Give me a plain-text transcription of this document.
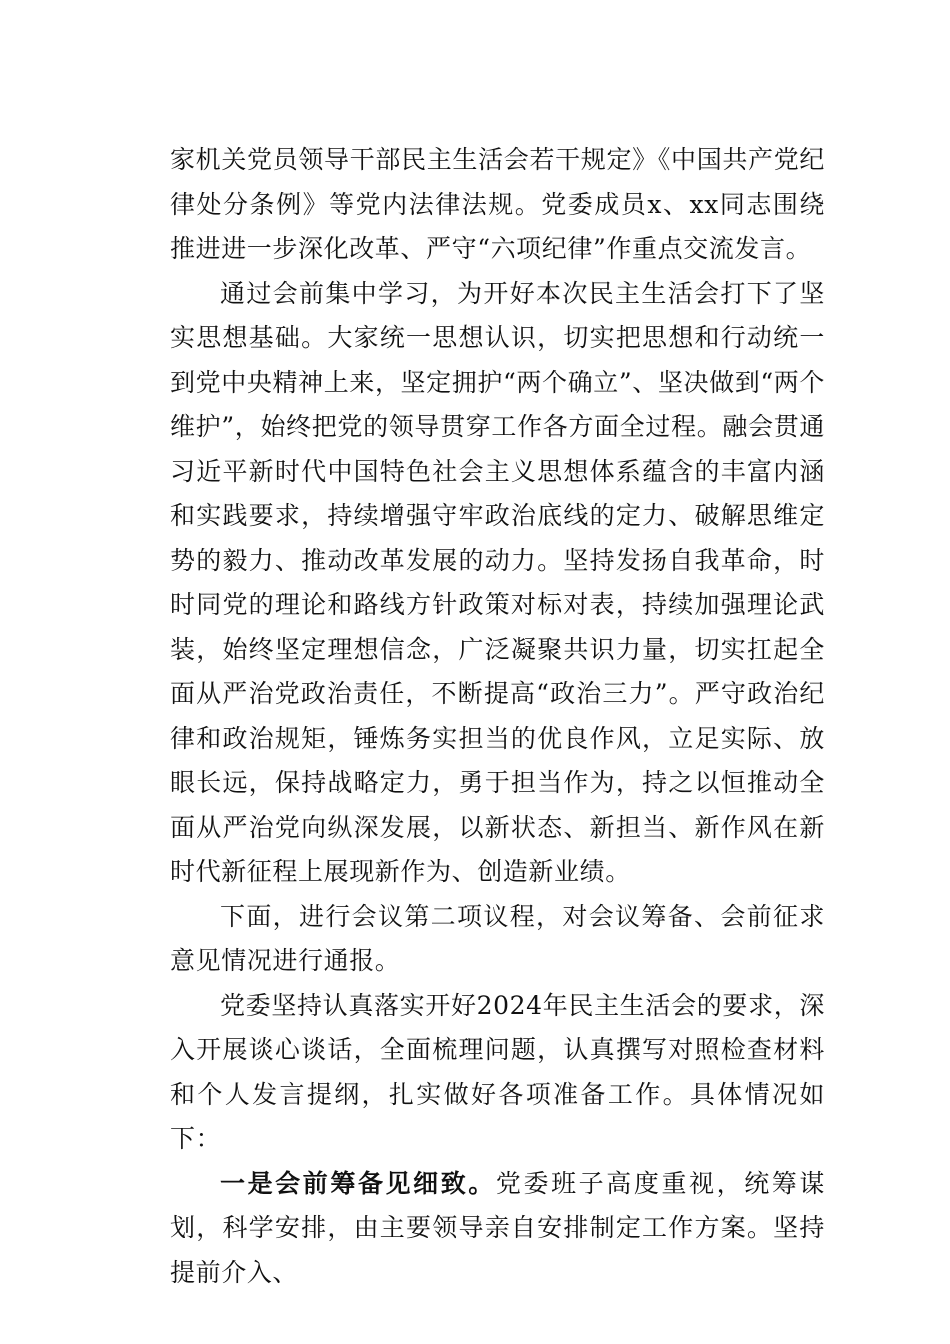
家机关党员领导干部民主生活会若干规定》《中国共产党纪律处分条例》等党内法律法规。党委成员x、xx同志围绕推进进一步深化改革、严守“六项纪律”作重点交流发言。

通过会前集中学习，为开好本次民主生活会打下了坚实思想基础。大家统一思想认识，切实把思想和行动统一到党中央精神上来，坚定拥护“两个确立”、坚决做到“两个维护”，始终把党的领导贯穿工作各方面全过程。融会贯通习近平新时代中国特色社会主义思想体系蕴含的丰富内涵和实践要求，持续增强守牢政治底线的定力、破解思维定势的毅力、推动改革发展的动力。坚持发扬自我革命，时时同党的理论和路线方针政策对标对表，持续加强理论武装，始终坚定理想信念，广泛凝聚共识力量，切实扛起全面从严治党政治责任，不断提高“政治三力”。严守政治纪律和政治规矩，锤炼务实担当的优良作风，立足实际、放眼长远，保持战略定力，勇于担当作为，持之以恒推动全面从严治党向纵深发展，以新状态、新担当、新作风在新时代新征程上展现新作为、创造新业绩。

下面，进行会议第二项议程，对会议筹备、会前征求意见情况进行通报。

党委坚持认真落实开好2024年民主生活会的要求，深入开展谈心谈话，全面梳理问题，认真撰写对照检查材料和个人发言提纲，扎实做好各项准备工作。具体情况如下：

一是会前筹备见细致。党委班子高度重视，统筹谋划，科学安排，由主要领导亲自安排制定工作方案。坚持提前介入、
